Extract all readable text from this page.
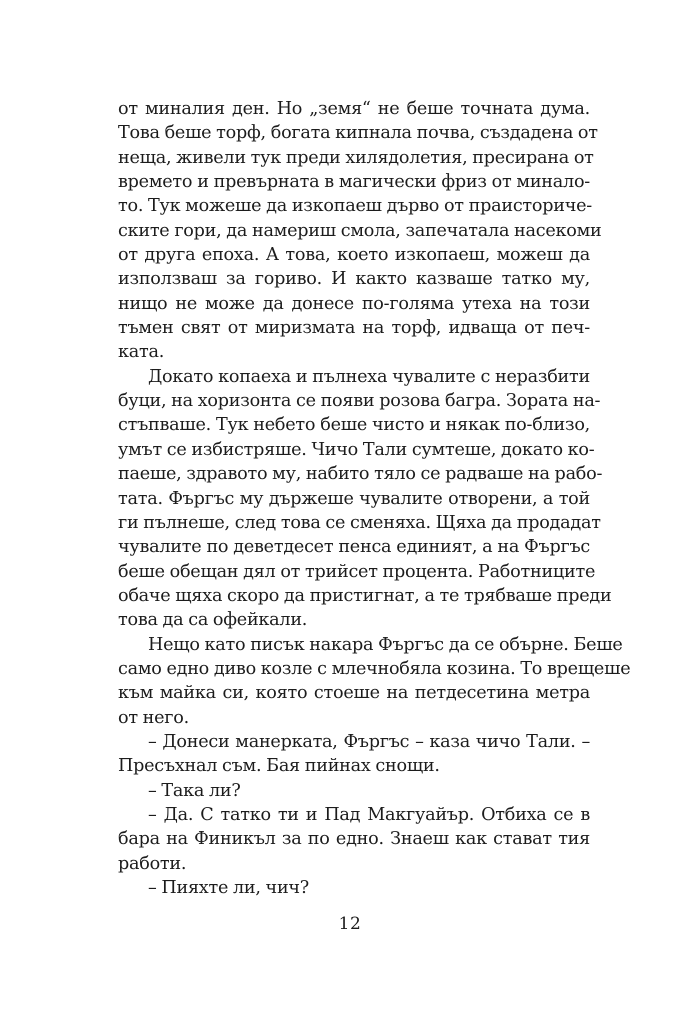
от миналия ден. Но „земя“ не беше точната дума.
Това беше торф, богата кипнала почва, създадена от
неща, живели тук преди хилядолетия, пресирана от
времето и превърната в магически фриз от минало-
то. Тук можеше да изкопаеш дърво от праисториче-
ските гори, да намериш смола, запечатала насекоми
от друга епоха. А това, което изкопаеш, можеш да
използваш за гориво. И както казваше татко му,
нищо не може да донесе по-голяма утеха на този
тъмен свят от миризмата на торф, идваща от печ-
ката.
Докато копаеха и пълнеха чувалите с неразбити
буци, на хоризонта се появи розова багра. Зората на-
стъпваше. Тук небето беше чисто и някак по-близо,
умът се избистряше. Чичо Тали сумтеше, докато ко-
паеше, здравото му, набито тяло се радваше на рабо-
тата. Фъргъс му държеше чувалите отворени, а той
ги пълнеше, след това се сменяха. Щяха да продадат
чувалите по деветдесет пенса единият, а на Фъргъс
беше обещан дял от трийсет процента. Работниците
обаче щяха скоро да пристигнат, а те трябваше преди
това да са офейкали.
Нещо като писък накара Фъргъс да се обърне. Беше
само едно диво козле с млечнобяла козина. То врещеше
към майка си, която стоеше на петдесетина метра
от него.
– Донеси манерката, Фъргъс – каза чичо Тали. –
Пресъхнал съм. Бая пийнах снощи.
– Така ли?
– Да. С татко ти и Пад Макгуайър. Отбиха се в
бара на Финикъл за по едно. Знаеш как стават тия
работи.
– Пияхте ли, чич?
12
